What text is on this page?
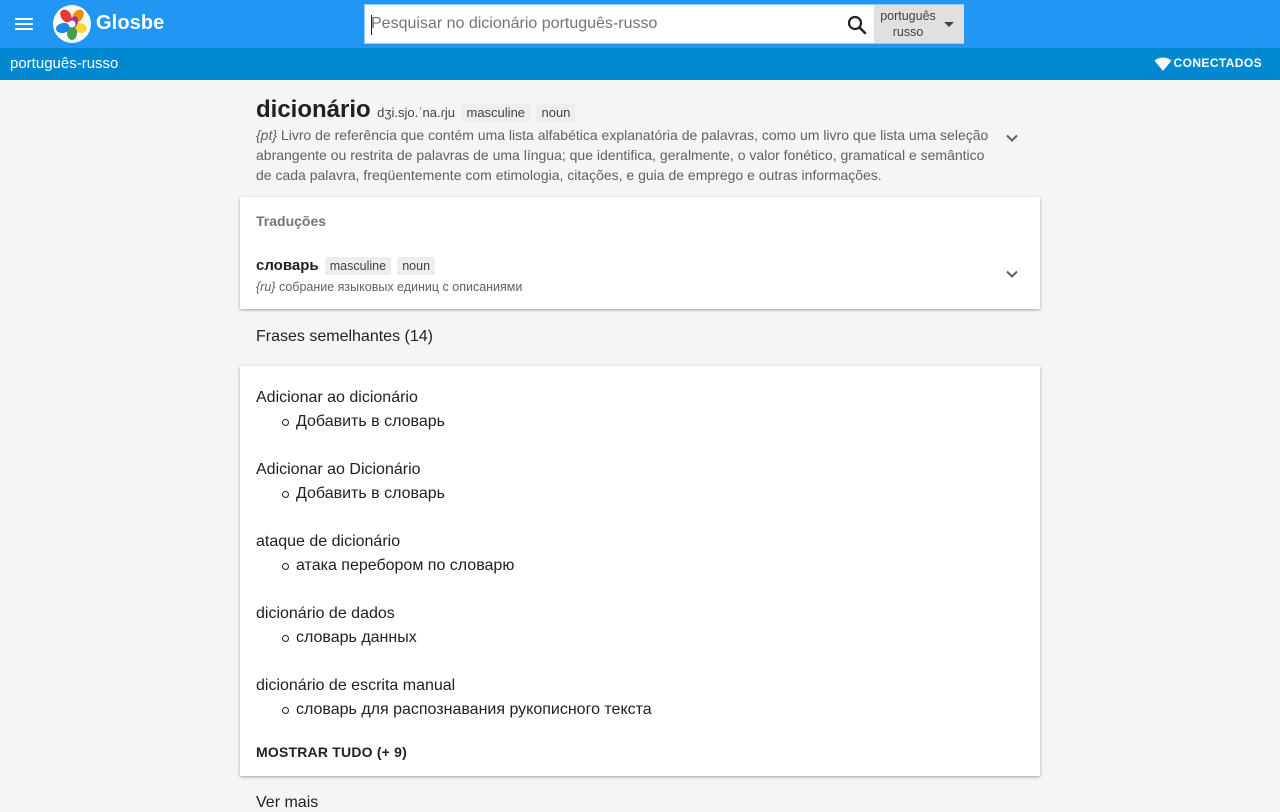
Glosbe
Pesquisar no dicionário português-russo	português
russo
português-russo	CONECTADOS
dicionário dʒi.sjo.ˈna.ɾju masculine noun
{pt} Livro de referência que contém uma lista alfabética explanatória de palavras, como um livro que lista uma seleção abrangente ou restrita de palavras de uma língua; que identifica, geralmente, o valor fonético, gramatical e semântico de cada palavra, freqüentemente com etimologia, citações, e guia de emprego e outras informações.
Traduções
словарь masculine noun
{ru} собрание языковых единиц с описаниями
Frases semelhantes (14)
Adicionar ao dicionário
Добавить в словарь
Adicionar ao Dicionário
Добавить в словарь
ataque de dicionário
атака перебором по словарю
dicionário de dados
словарь данных
dicionário de escrita manual
словарь для распознавания рукописного текста
MOSTRAR TUDO (+ 9)
Ver mais
